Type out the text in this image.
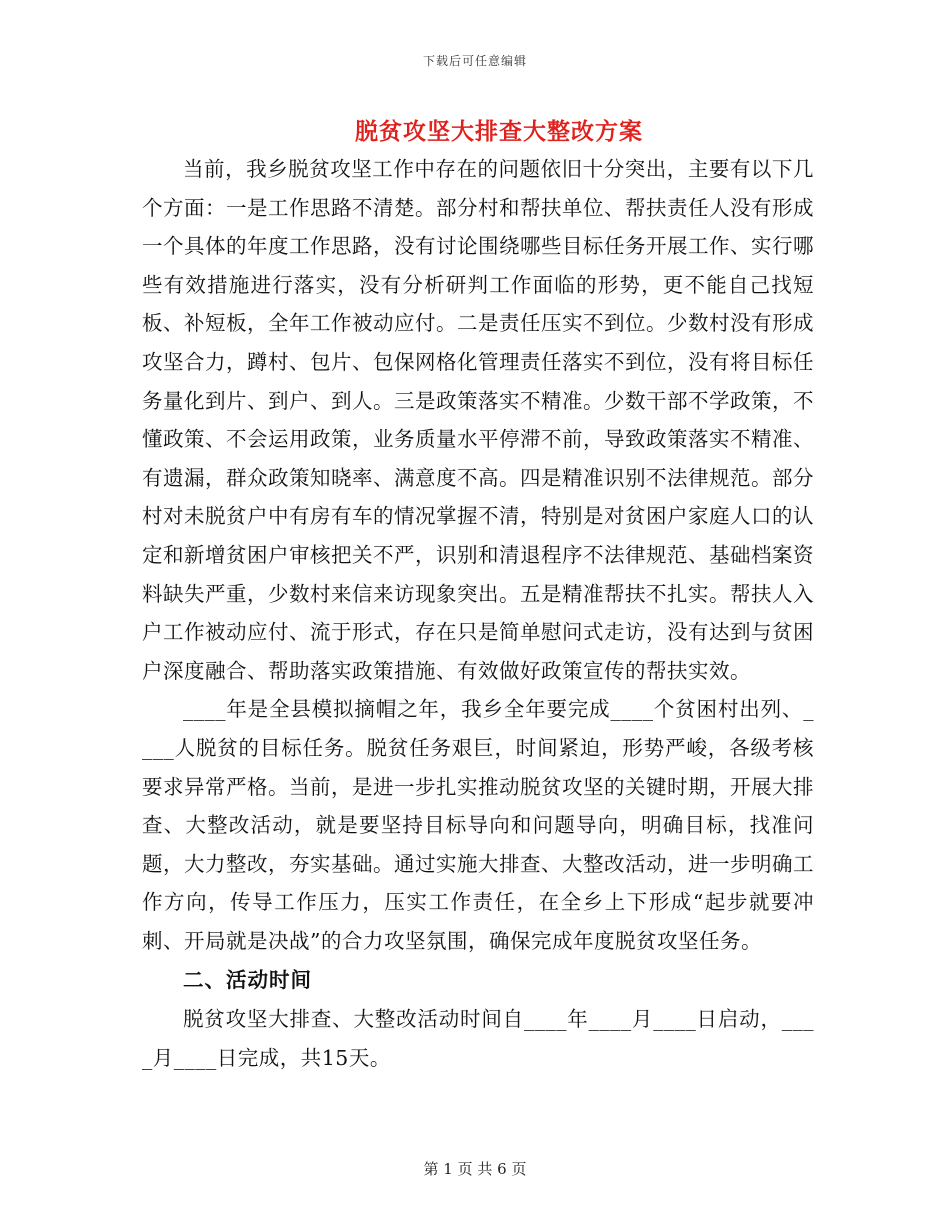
下载后可任意编辑
脱贫攻坚大排查大整改方案

当前，我乡脱贫攻坚工作中存在的问题依旧十分突出，主要有以下几个方面：一是工作思路不清楚。部分村和帮扶单位、帮扶责任人没有形成一个具体的年度工作思路，没有讨论围绕哪些目标任务开展工作、实行哪些有效措施进行落实，没有分析研判工作面临的形势，更不能自己找短板、补短板，全年工作被动应付。二是责任压实不到位。少数村没有形成攻坚合力，蹲村、包片、包保网格化管理责任落实不到位，没有将目标任务量化到片、到户、到人。三是政策落实不精准。少数干部不学政策，不懂政策、不会运用政策，业务质量水平停滞不前，导致政策落实不精准、有遗漏，群众政策知晓率、满意度不高。四是精准识别不法律规范。部分村对未脱贫户中有房有车的情况掌握不清，特别是对贫困户家庭人口的认定和新增贫困户审核把关不严，识别和清退程序不法律规范、基础档案资料缺失严重，少数村来信来访现象突出。五是精准帮扶不扎实。帮扶人入户工作被动应付、流于形式，存在只是简单慰问式走访，没有达到与贫困户深度融合、帮助落实政策措施、有效做好政策宣传的帮扶实效。

____年是全县模拟摘帽之年，我乡全年要完成____个贫困村出列、____人脱贫的目标任务。脱贫任务艰巨，时间紧迫，形势严峻，各级考核要求异常严格。当前，是进一步扎实推动脱贫攻坚的关键时期，开展大排查、大整改活动，就是要坚持目标导向和问题导向，明确目标，找准问题，大力整改，夯实基础。通过实施大排查、大整改活动，进一步明确工作方向，传导工作压力，压实工作责任，在全乡上下形成“起步就要冲刺、开局就是决战”的合力攻坚氛围，确保完成年度脱贫攻坚任务。

二、活动时间

脱贫攻坚大排查、大整改活动时间自____年____月____日启动，____月____日完成，共15天。

第 1 页 共 6 页
